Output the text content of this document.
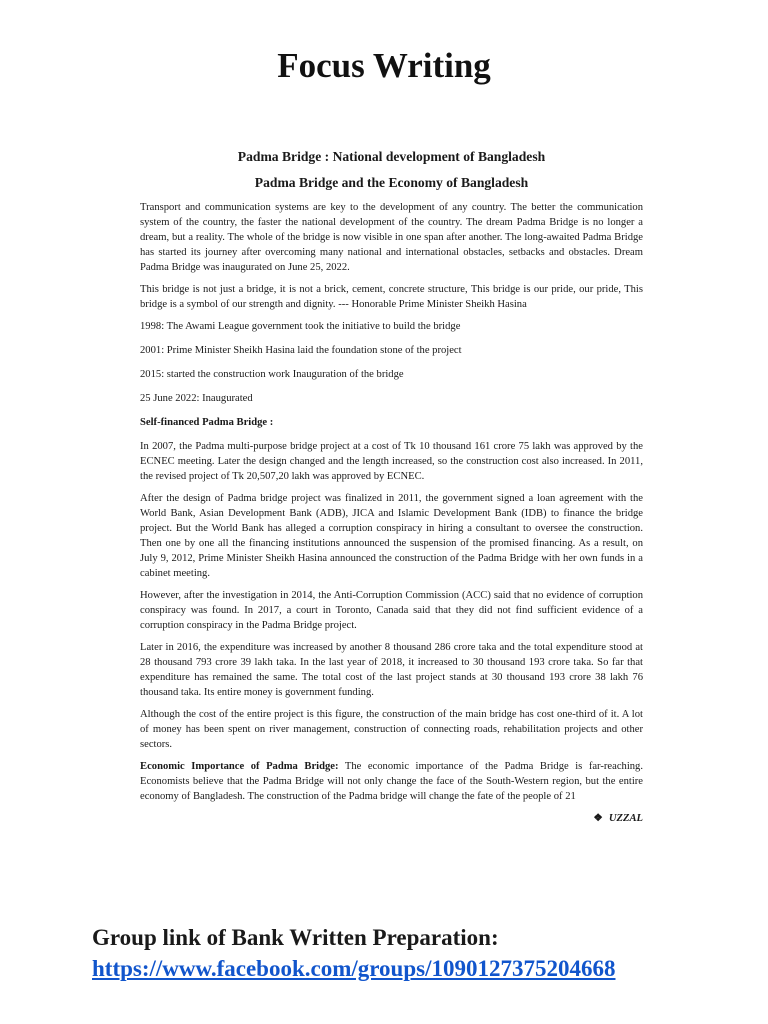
Focus Writing
Padma Bridge : National development of Bangladesh
Padma Bridge and the Economy of Bangladesh

Transport and communication systems are key to the development of any country. The better the communication system of the country, the faster the national development of the country. The dream Padma Bridge is no longer a dream, but a reality. The whole of the bridge is now visible in one span after another. The long-awaited Padma Bridge has started its journey after overcoming many national and international obstacles, setbacks and obstacles. Dream Padma Bridge was inaugurated on June 25, 2022.

This bridge is not just a bridge, it is not a brick, cement, concrete structure, This bridge is our pride, our pride, This bridge is a symbol of our strength and dignity. --- Honorable Prime Minister Sheikh Hasina

1998: The Awami League government took the initiative to build the bridge

2001: Prime Minister Sheikh Hasina laid the foundation stone of the project

2015: started the construction work Inauguration of the bridge

25 June 2022: Inaugurated

Self-financed Padma Bridge :

In 2007, the Padma multi-purpose bridge project at a cost of Tk 10 thousand 161 crore 75 lakh was approved by the ECNEC meeting. Later the design changed and the length increased, so the construction cost also increased. In 2011, the revised project of Tk 20,507,20 lakh was approved by ECNEC.

After the design of Padma bridge project was finalized in 2011, the government signed a loan agreement with the World Bank, Asian Development Bank (ADB), JICA and Islamic Development Bank (IDB) to finance the bridge project. But the World Bank has alleged a corruption conspiracy in hiring a consultant to oversee the construction. Then one by one all the financing institutions announced the suspension of the promised financing. As a result, on July 9, 2012, Prime Minister Sheikh Hasina announced the construction of the Padma Bridge with her own funds in a cabinet meeting.

However, after the investigation in 2014, the Anti-Corruption Commission (ACC) said that no evidence of corruption conspiracy was found. In 2017, a court in Toronto, Canada said that they did not find sufficient evidence of a corruption conspiracy in the Padma Bridge project.

Later in 2016, the expenditure was increased by another 8 thousand 286 crore taka and the total expenditure stood at 28 thousand 793 crore 39 lakh taka. In the last year of 2018, it increased to 30 thousand 193 crore taka. So far that expenditure has remained the same. The total cost of the last project stands at 30 thousand 193 crore 38 lakh 76 thousand taka. Its entire money is government funding.

Although the cost of the entire project is this figure, the construction of the main bridge has cost one-third of it. A lot of money has been spent on river management, construction of connecting roads, rehabilitation projects and other sectors.

Economic Importance of Padma Bridge: The economic importance of the Padma Bridge is far-reaching. Economists believe that the Padma Bridge will not only change the face of the South-Western region, but the entire economy of Bangladesh. The construction of the Padma bridge will change the fate of the people of 21

❖ UZZAL
Group link of Bank Written Preparation:
https://www.facebook.com/groups/1090127375204668
